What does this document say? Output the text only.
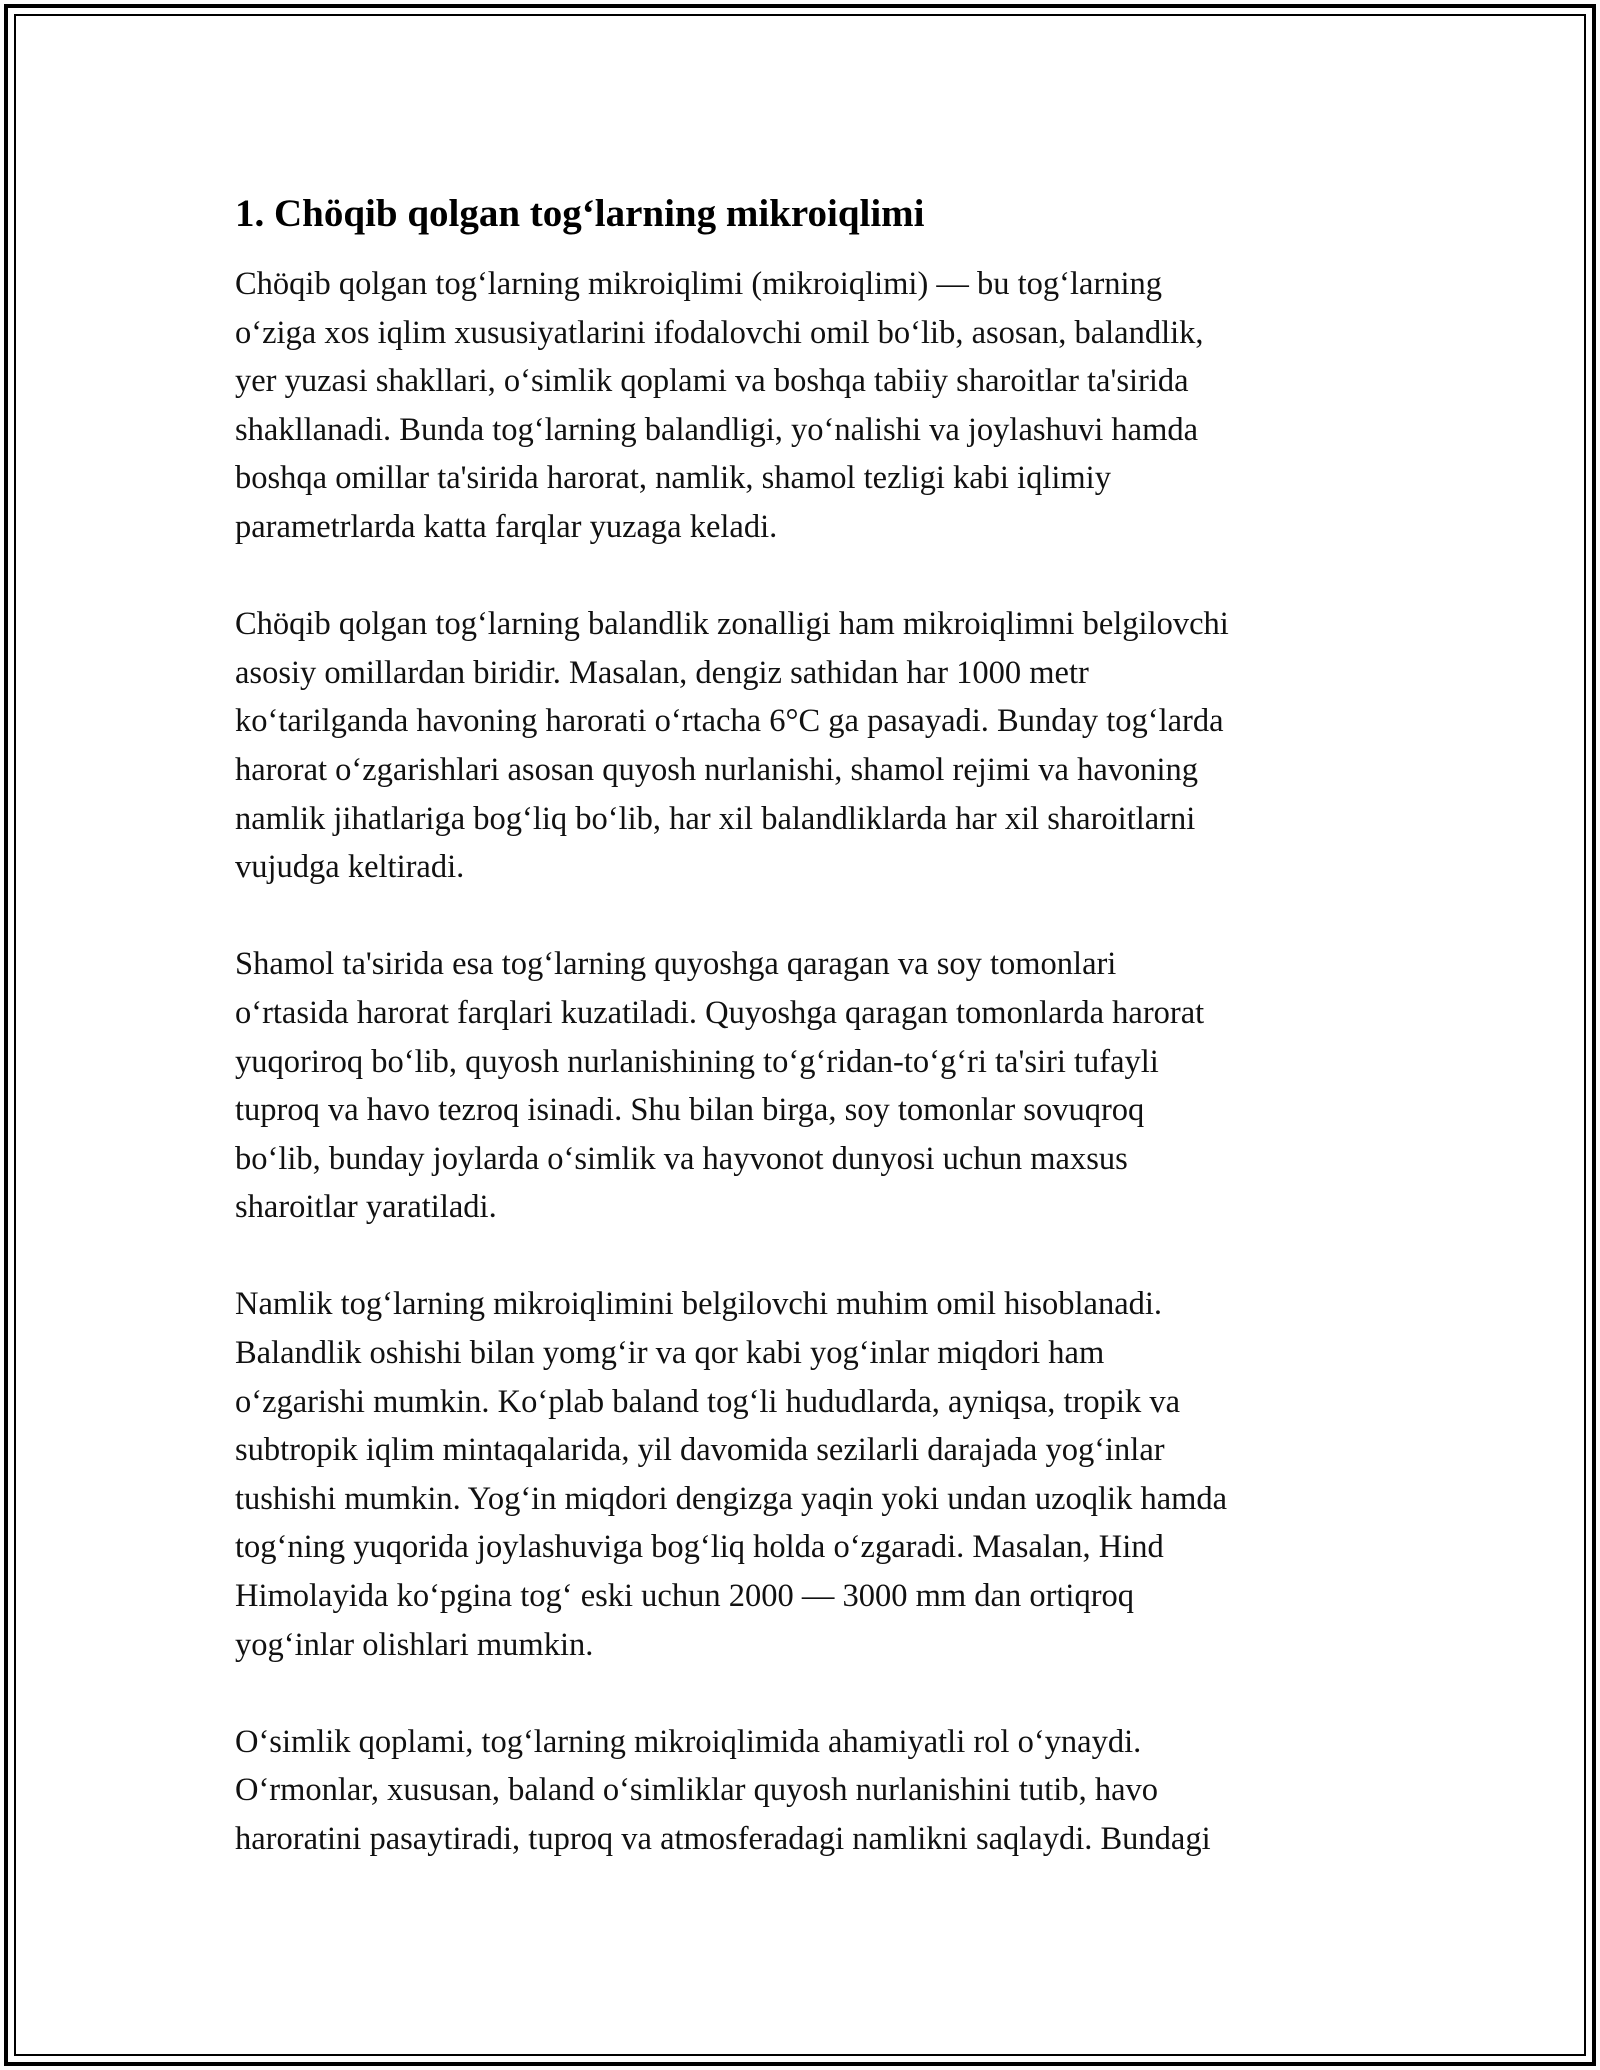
1. Chöqib qolgan tog‘larning mikroiqlimi
Chöqib qolgan tog‘larning mikroiqlimi (mikroiqlimi) — bu tog‘larning
o‘ziga xos iqlim xususiyatlarini ifodalovchi omil bo‘lib, asosan, balandlik,
yer yuzasi shakllari, o‘simlik qoplami va boshqa tabiiy sharoitlar ta'sirida
shakllanadi. Bunda tog‘larning balandligi, yo‘nalishi va joylashuvi hamda
boshqa omillar ta'sirida harorat, namlik, shamol tezligi kabi iqlimiy
parametrlarda katta farqlar yuzaga keladi.
Chöqib qolgan tog‘larning balandlik zonalligi ham mikroiqlimni belgilovchi
asosiy omillardan biridir. Masalan, dengiz sathidan har 1000 metr
ko‘tarilganda havoning harorati o‘rtacha 6°C ga pasayadi. Bunday tog‘larda
harorat o‘zgarishlari asosan quyosh nurlanishi, shamol rejimi va havoning
namlik jihatlariga bog‘liq bo‘lib, har xil balandliklarda har xil sharoitlarni
vujudga keltiradi.
Shamol ta'sirida esa tog‘larning quyoshga qaragan va soy tomonlari
o‘rtasida harorat farqlari kuzatiladi. Quyoshga qaragan tomonlarda harorat
yuqoriroq bo‘lib, quyosh nurlanishining to‘g‘ridan-to‘g‘ri ta'siri tufayli
tuproq va havo tezroq isinadi. Shu bilan birga, soy tomonlar sovuqroq
bo‘lib, bunday joylarda o‘simlik va hayvonot dunyosi uchun maxsus
sharoitlar yaratiladi.
Namlik tog‘larning mikroiqlimini belgilovchi muhim omil hisoblanadi.
Balandlik oshishi bilan yomg‘ir va qor kabi yog‘inlar miqdori ham
o‘zgarishi mumkin. Ko‘plab baland tog‘li hududlarda, ayniqsa, tropik va
subtropik iqlim mintaqalarida, yil davomida sezilarli darajada yog‘inlar
tushishi mumkin. Yog‘in miqdori dengizga yaqin yoki undan uzoqlik hamda
tog‘ning yuqorida joylashuviga bog‘liq holda o‘zgaradi. Masalan, Hind
Himolayida ko‘pgina tog‘ eski uchun 2000 — 3000 mm dan ortiqroq
yog‘inlar olishlari mumkin.
O‘simlik qoplami, tog‘larning mikroiqlimida ahamiyatli rol o‘ynaydi.
O‘rmonlar, xususan, baland o‘simliklar quyosh nurlanishini tutib, havo
haroratini pasaytiradi, tuproq va atmosferadagi namlikni saqlaydi. Bundagi
